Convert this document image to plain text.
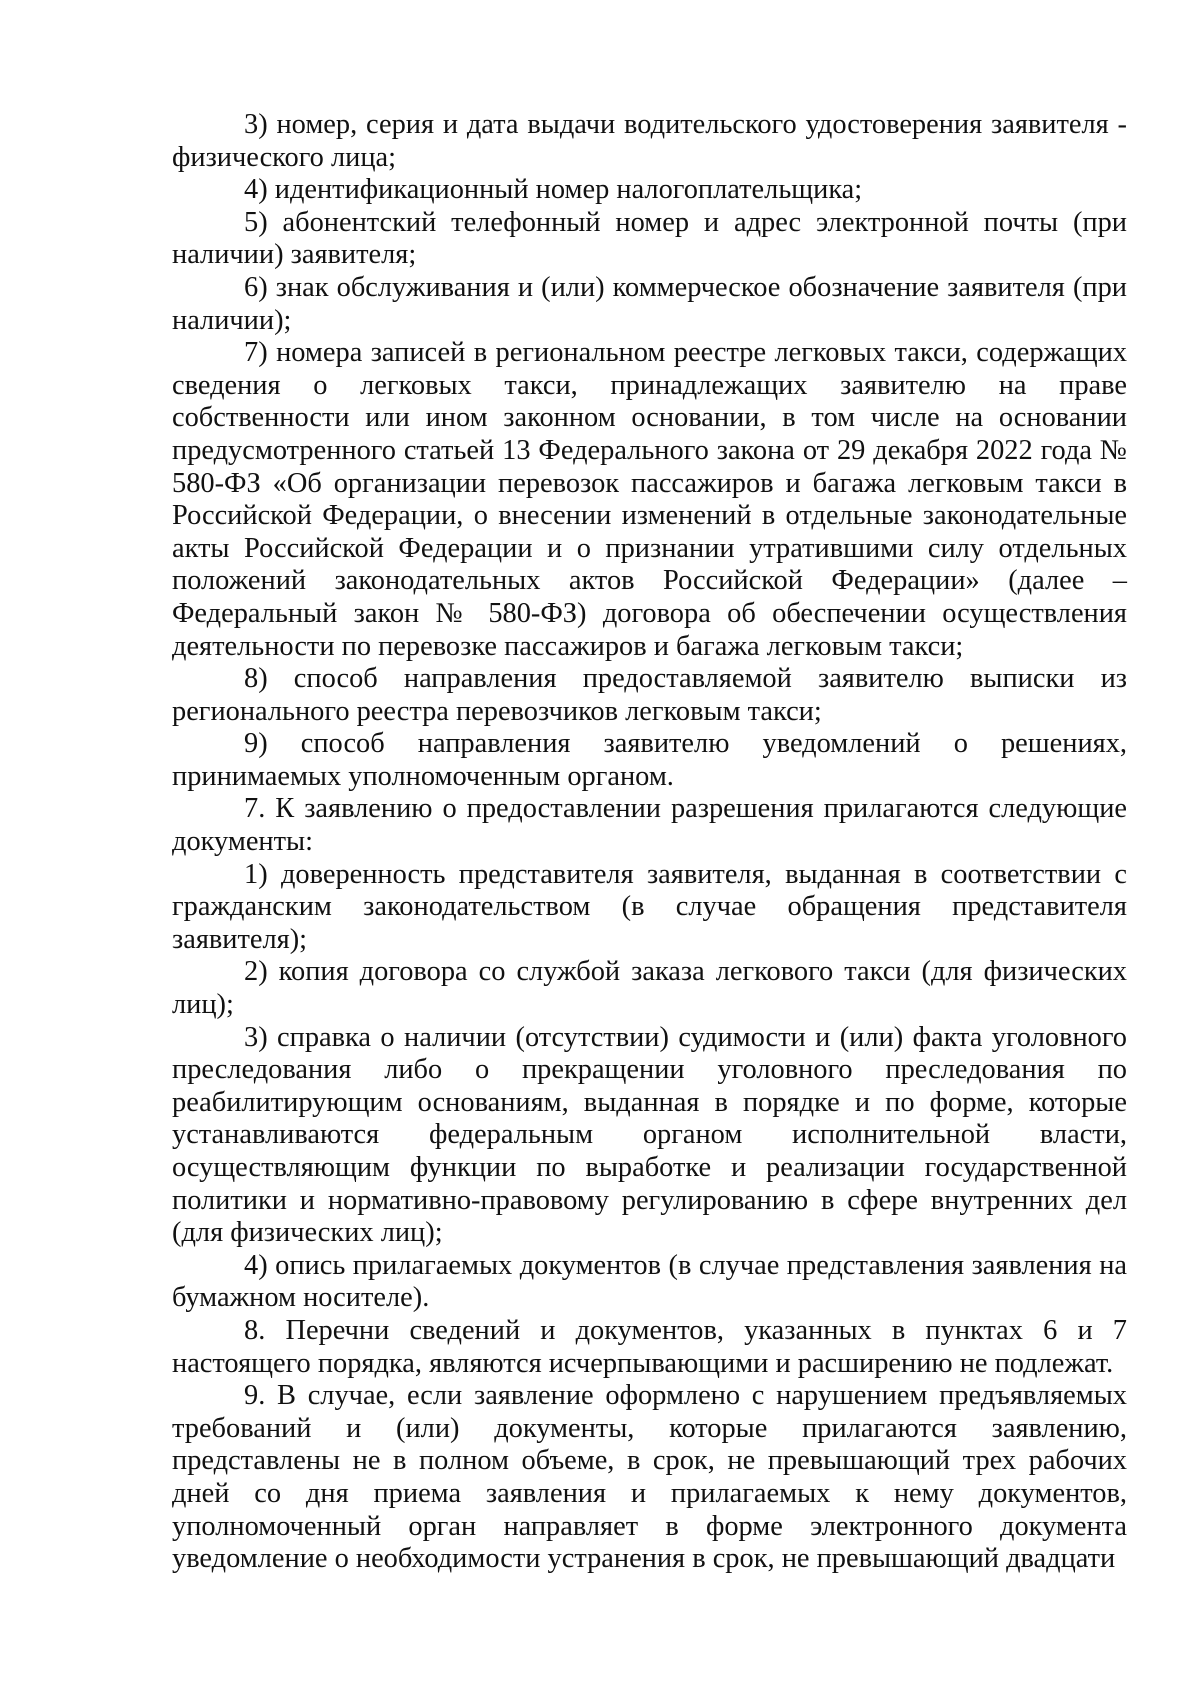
3) номер, серия и дата выдачи водительского удостоверения заявителя - физического лица;

4) идентификационный номер налогоплательщика;

5) абонентский телефонный номер и адрес электронной почты (при наличии) заявителя;

6) знак обслуживания и (или) коммерческое обозначение заявителя (при наличии);

7) номера записей в региональном реестре легковых такси, содержащих сведения о легковых такси, принадлежащих заявителю на праве собственности или ином законном основании, в том числе на основании предусмотренного статьей 13 Федерального закона от 29 декабря 2022 года № 580-ФЗ «Об организации перевозок пассажиров и багажа легковым такси в Российской Федерации, о внесении изменений в отдельные законодательные акты Российской Федерации и о признании утратившими силу отдельных положений законодательных актов Российской Федерации» (далее – Федеральный закон № 580-ФЗ) договора об обеспечении осуществления деятельности по перевозке пассажиров и багажа легковым такси;

8) способ направления предоставляемой заявителю выписки из регионального реестра перевозчиков легковым такси;

9) способ направления заявителю уведомлений о решениях, принимаемых уполномоченным органом.

7. К заявлению о предоставлении разрешения прилагаются следующие документы:

1) доверенность представителя заявителя, выданная в соответствии с гражданским законодательством (в случае обращения представителя заявителя);

2) копия договора со службой заказа легкового такси (для физических лиц);

3) справка о наличии (отсутствии) судимости и (или) факта уголовного преследования либо о прекращении уголовного преследования по реабилитирующим основаниям, выданная в порядке и по форме, которые устанавливаются федеральным органом исполнительной власти, осуществляющим функции по выработке и реализации государственной политики и нормативно-правовому регулированию в сфере внутренних дел (для физических лиц);

4) опись прилагаемых документов (в случае представления заявления на бумажном носителе).

8. Перечни сведений и документов, указанных в пунктах 6 и 7 настоящего порядка, являются исчерпывающими и расширению не подлежат.

9. В случае, если заявление оформлено с нарушением предъявляемых требований и (или) документы, которые прилагаются заявлению, представлены не в полном объеме, в срок, не превышающий трех рабочих дней со дня приема заявления и прилагаемых к нему документов, уполномоченный орган направляет в форме электронного документа уведомление о необходимости устранения в срок, не превышающий двадцати
